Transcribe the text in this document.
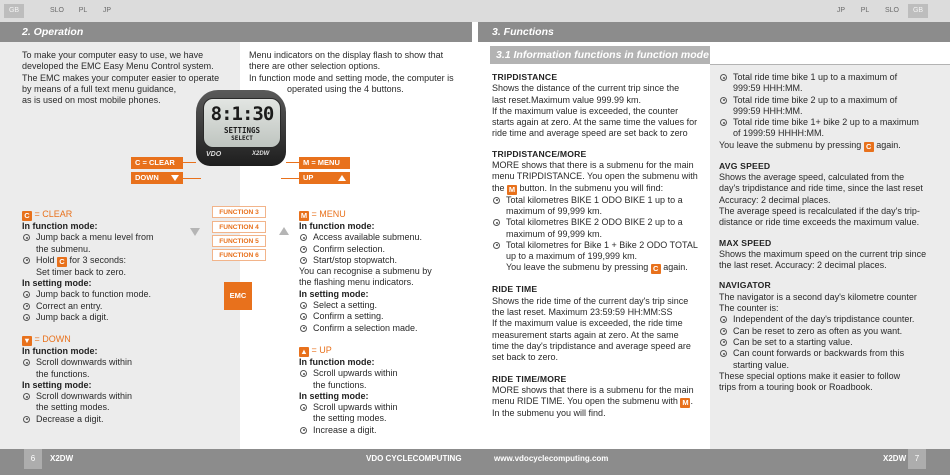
GB	SLO	PL	JP	JP	PL	SLO	GB
2. Operation	3. Functions
3.1 Information functions in function mode
To make your computer easy to use, we have
developed the EMC Easy Menu Control system.
The EMC makes your computer easier to operate
by means of a full text menu guidance,
as is used on most mobile phones.
Menu indicators on the display flash to show that
there are other selection options.
In function mode and setting mode, the computer is
operated using the 4 buttons.
8:1:30
SETTINGS
SELECT
VDO	X2DW
C = CLEAR
DOWN
M = MENU
UP
FUNCTION 3
FUNCTION 4
FUNCTION 5
FUNCTION 6
EMC
C = CLEAR
In function mode:
Jump back a menu level from
the submenu.
Hold C for 3 seconds:
Set timer back to zero.
In setting mode:
Jump back to function mode.
Correct an entry.
Jump back a digit.
▼ = DOWN
In function mode:
Scroll downwards within
the functions.
In setting mode:
Scroll downwards within
the setting modes.
Decrease a digit.
M = MENU
In function mode:
Access available submenu.
Confirm selection.
Start/stop stopwatch.
You can recognise a submenu by
the flashing menu indicators.
In setting mode:
Select a setting.
Confirm a setting.
Confirm a selection made.
▲ = UP
In function mode:
Scroll upwards within
the functions.
In setting mode:
Scroll upwards within
the setting modes.
Increase a digit.
TRIPDISTANCE
Shows the distance of the current trip since the
last reset.Maximum value 999.99 km.
If the maximum value is exceeded, the counter
starts again at zero. At the same time the values for
ride time and average speed are set back to zero
TRIPDISTANCE/MORE
MORE shows that there is a submenu for the main
menu TRIPDISTANCE. You open the submenu with
the M button. In the submenu you will find:
Total kilometres BIKE 1 ODO BIKE 1 up to a
maximum of 99,999 km.
Total kilometres BIKE 2 ODO BIKE 2 up to a
maximum of 99,999 km.
Total kilometres for Bike 1 + Bike 2 ODO TOTAL
up to a maximum of 199,999 km.
You leave the submenu by pressing C again.
RIDE TIME
Shows the ride time of the current day's trip since
the last reset. Maximum 23:59:59 HH:MM:SS
If the maximum value is exceeded, the ride time
measurement starts again at zero. At the same
time the day's tripdistance and average speed are
set back to zero.
RIDE TIME/MORE
MORE shows that there is a submenu for the main
menu RIDE TIME. You open the submenu with M .
In the submenu you will find.
Total ride time bike 1 up to a maximum of
999:59 HHH:MM.
Total ride time bike 2 up to a maximum of
999:59 HHH:MM.
Total ride time bike 1+ bike 2 up to a maximum
of 1999:59 HHHH:MM.
You leave the submenu by pressing C again.
AVG SPEED
Shows the average speed, calculated from the
day's tripdistance and ride time, since the last reset
Accuracy: 2 decimal places.
The average speed is recalculated if the day's trip-
distance or ride time exceeds the maximum value.
MAX SPEED
Shows the maximum speed on the current trip since
the last reset. Accuracy: 2 decimal places.
NAVIGATOR
The navigator is a second day's kilometre counter
The counter is:
Independent of the day's tripdistance counter.
Can be reset to zero as often as you want.
Can be set to a starting value.
Can count forwards or backwards from this
starting value.
These special options make it easier to follow
trips from a touring book or Roadbook.
6	X2DW	VDO CYCLECOMPUTING	www.vdocyclecomputing.com	X2DW	7
